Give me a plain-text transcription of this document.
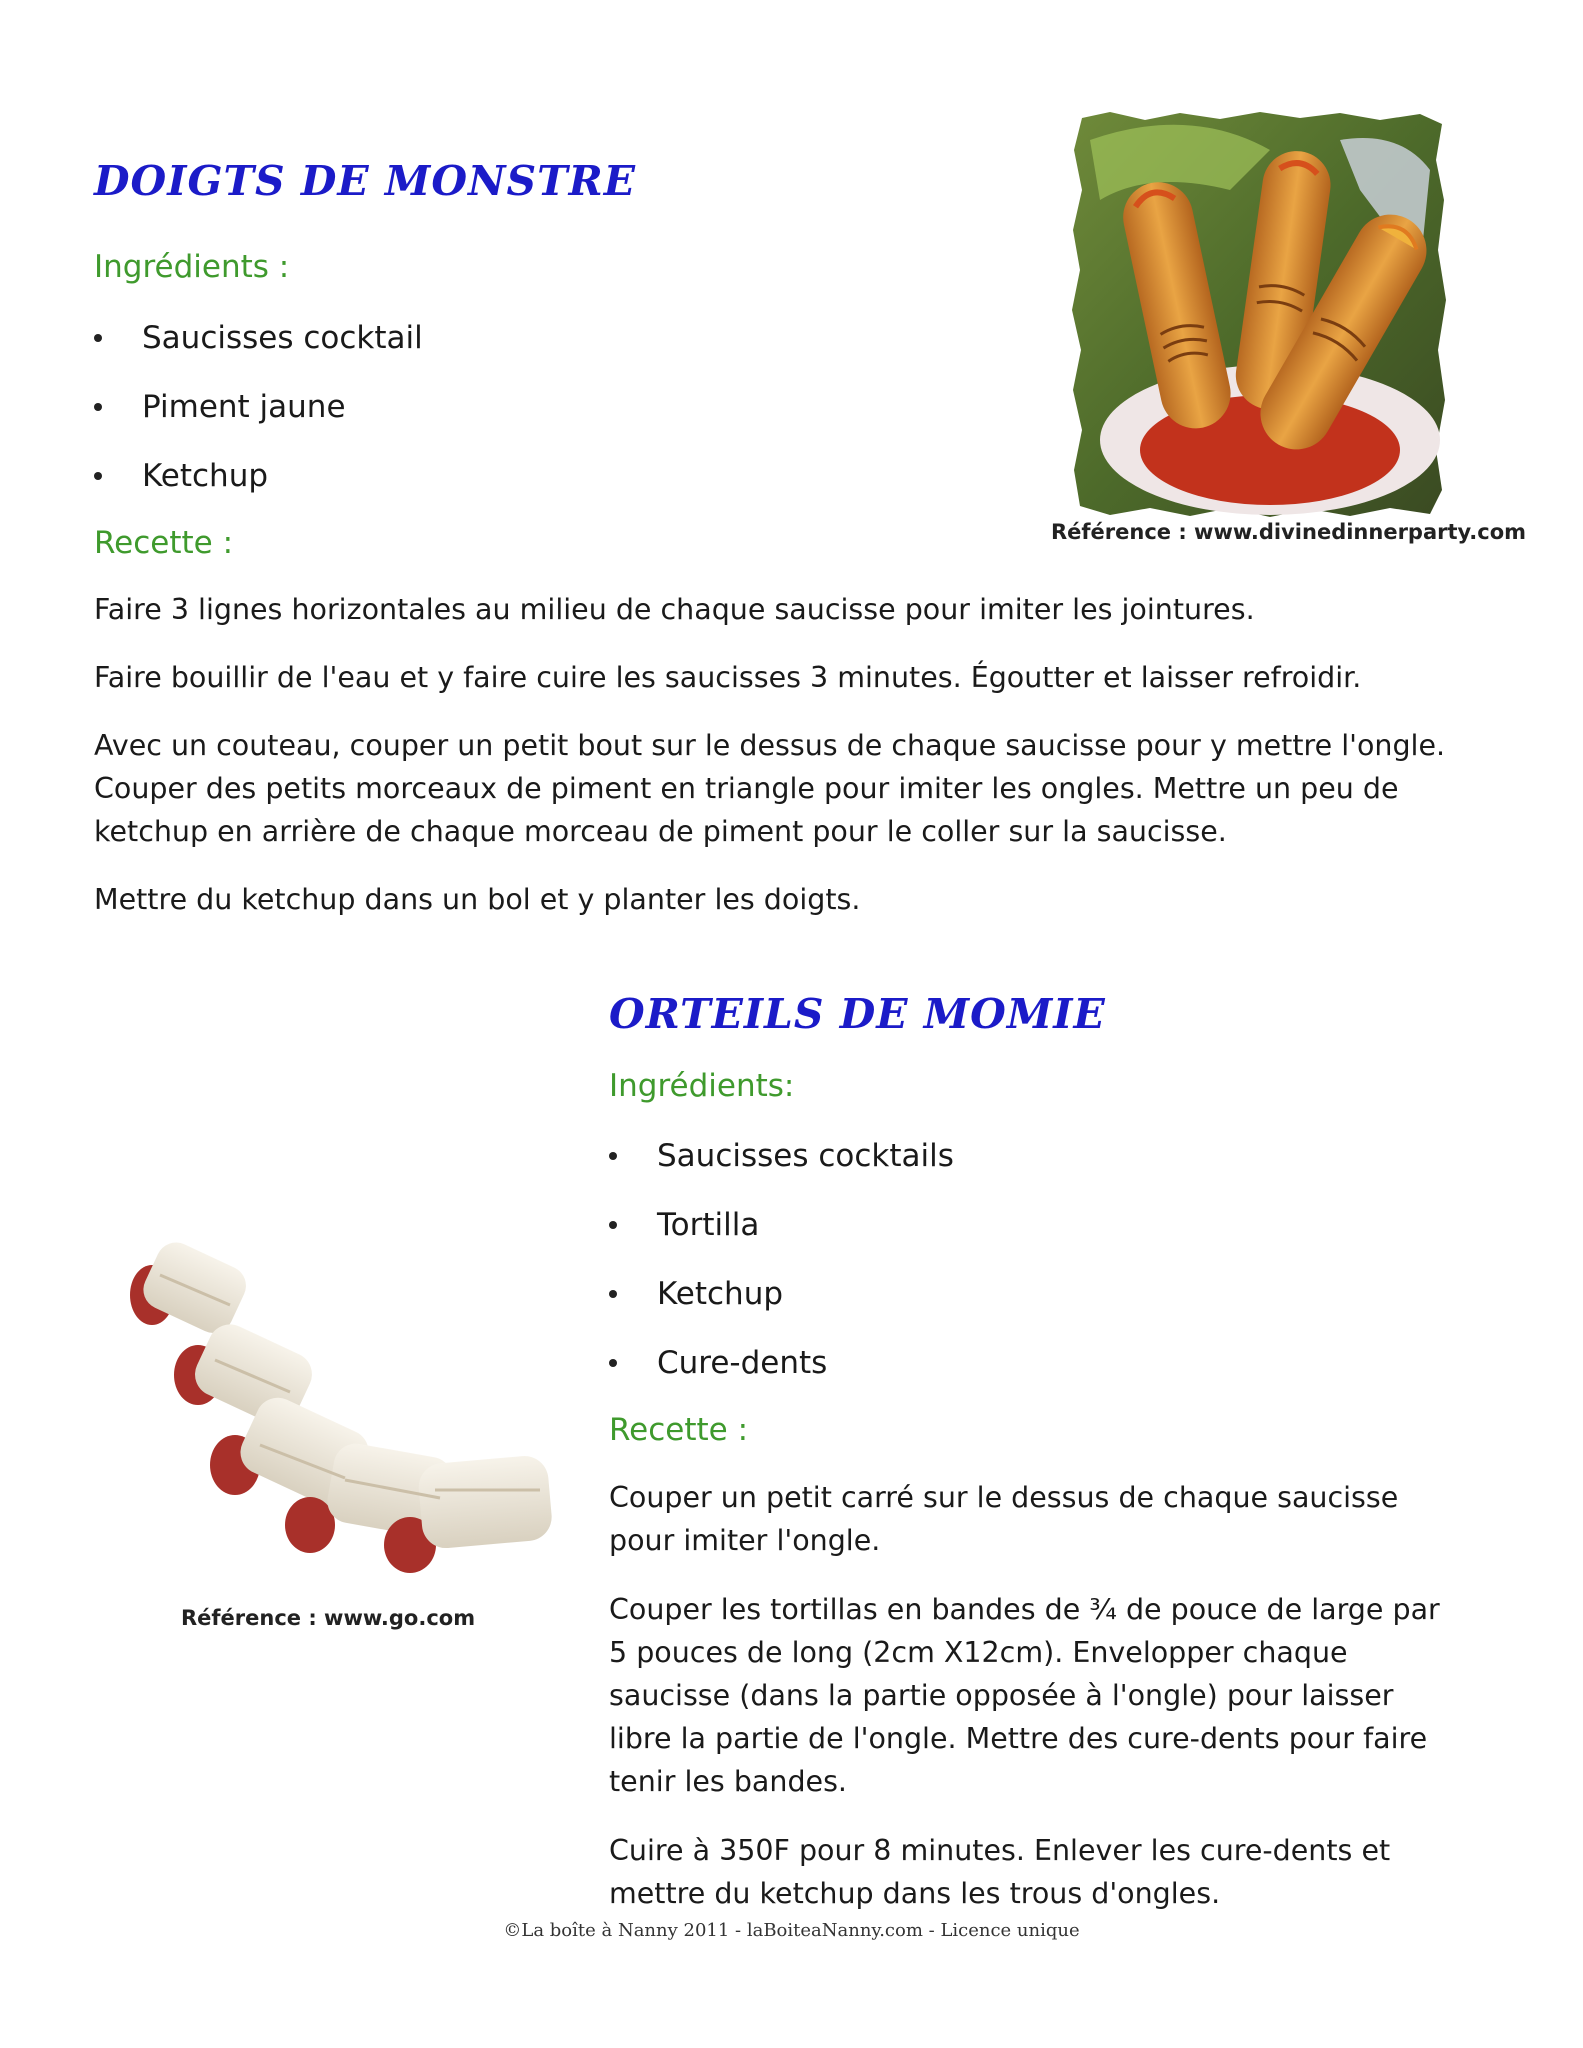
DOIGTS DE MONSTRE
Ingrédients :
Saucisses cocktail
Piment jaune
Ketchup
Recette :	Référence : www.divinedinnerparty.com

Faire 3 lignes horizontales au milieu de chaque saucisse pour imiter les jointures.

Faire bouillir de l'eau et y faire cuire les saucisses 3 minutes. Égoutter et laisser refroidir.

Avec un couteau, couper un petit bout sur le dessus de chaque saucisse pour y mettre l'ongle. Couper des petits morceaux de piment en triangle pour imiter les ongles. Mettre un peu de ketchup en arrière de chaque morceau de piment pour le coller sur la saucisse.

Mettre du ketchup dans un bol et y planter les doigts.

ORTEILS DE MOMIE
Ingrédients:
Saucisses cocktails
Tortilla
Ketchup
Cure-dents
Recette :
Référence : www.go.com

Couper un petit carré sur le dessus de chaque saucisse pour imiter l'ongle.

Couper les tortillas en bandes de ¾ de pouce de large par 5 pouces de long (2cm X12cm). Envelopper chaque saucisse (dans la partie opposée à l'ongle) pour laisser libre la partie de l'ongle. Mettre des cure-dents pour faire tenir les bandes.

Cuire à 350F pour 8 minutes. Enlever les cure-dents et mettre du ketchup dans les trous d'ongles.

©La boîte à Nanny 2011 - laBoiteaNanny.com - Licence unique
